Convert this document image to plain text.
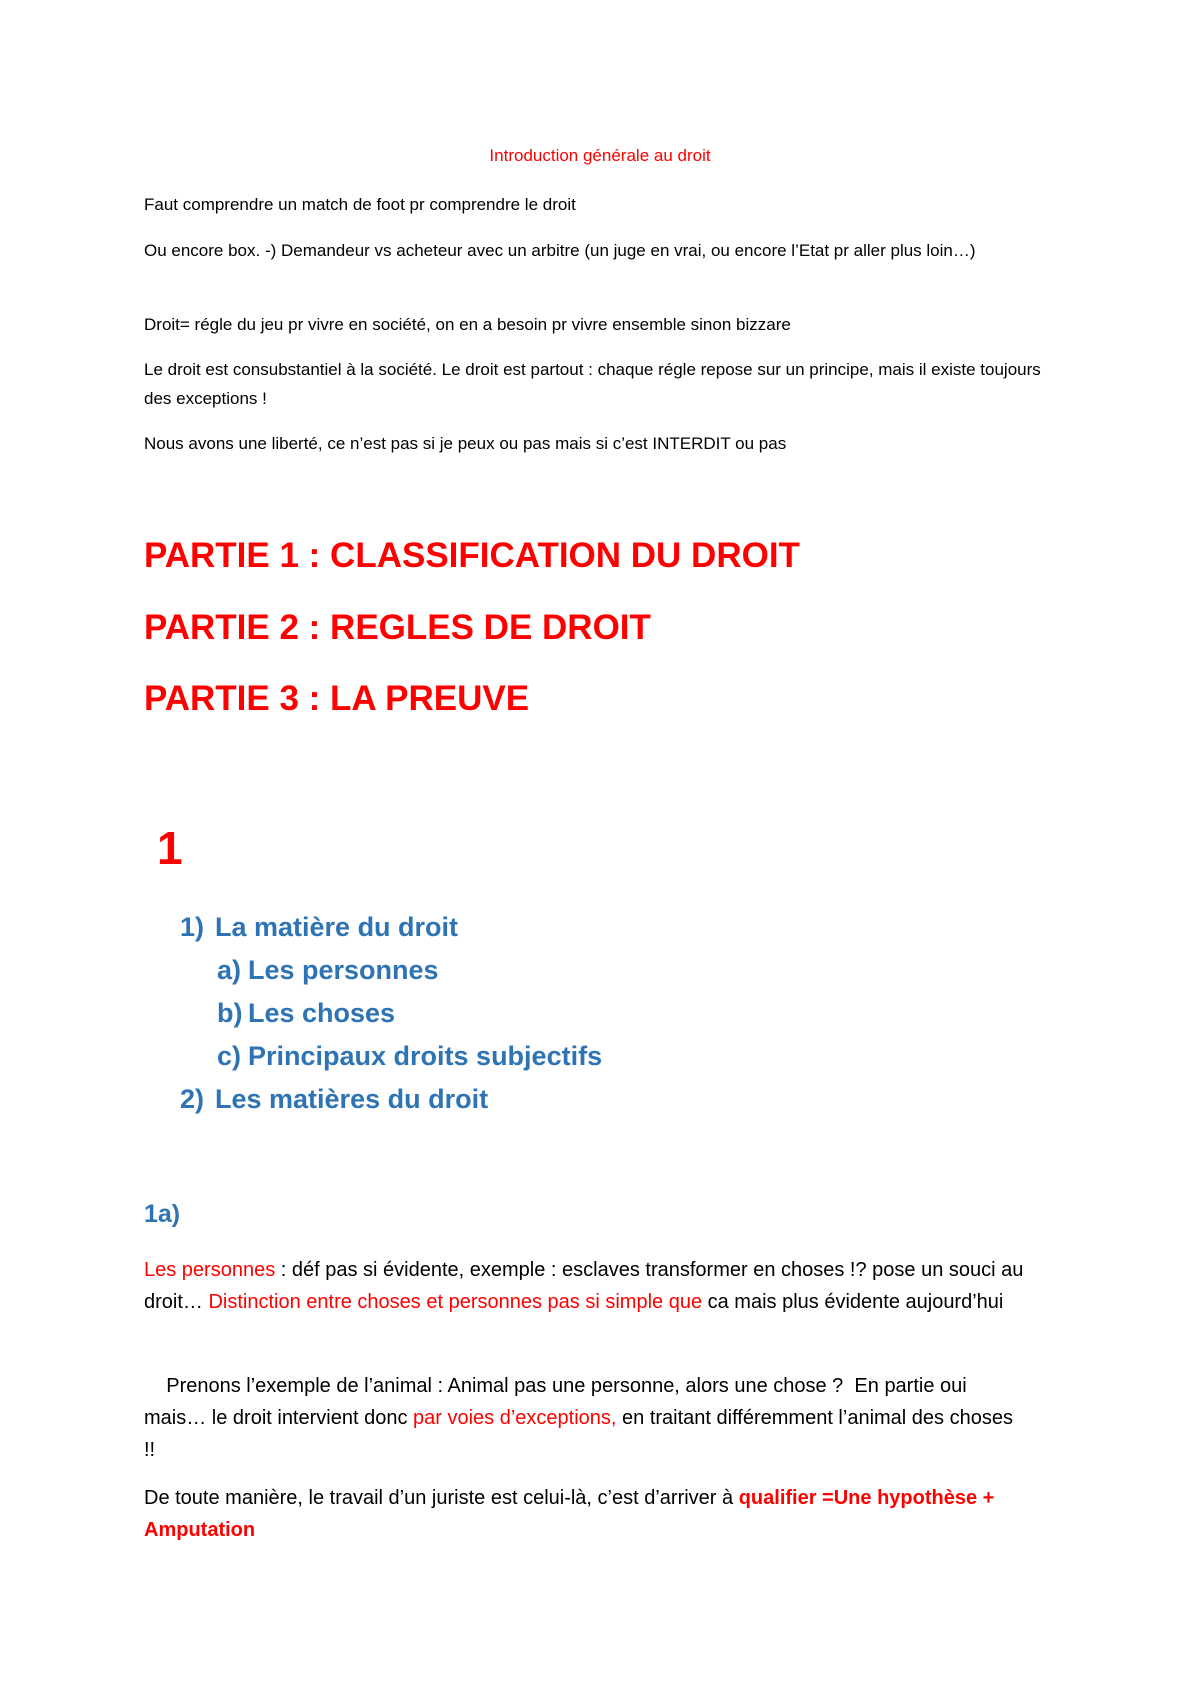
Introduction générale au droit

Faut comprendre un match de foot pr comprendre le droit

Ou encore box. -) Demandeur vs acheteur avec un arbitre (un juge en vrai, ou encore l’Etat pr aller plus loin…)

Droit= régle du jeu pr vivre en société, on en a besoin pr vivre ensemble sinon bizzare

Le droit est consubstantiel à la société. Le droit est partout : chaque régle repose sur un principe, mais il existe toujours des exceptions !

Nous avons une liberté, ce n’est pas si je peux ou pas mais si c’est INTERDIT ou pas

PARTIE 1 : CLASSIFICATION DU DROIT

PARTIE 2 : REGLES DE DROIT

PARTIE 3 : LA PREUVE

1

1) La matière du droit

a) Les personnes

b) Les choses

c) Principaux droits subjectifs

2) Les matières du droit

1a)

Les personnes : déf pas si évidente, exemple : esclaves transformer en choses !? pose un souci au droit… Distinction entre choses et personnes pas si simple que ca mais plus évidente aujourd’hui

Prenons l’exemple de l’animal : Animal pas une personne, alors une chose ?  En partie oui mais… le droit intervient donc par voies d’exceptions, en traitant différemment l’animal des choses !!

De toute manière, le travail d’un juriste est celui-là, c’est d’arriver à qualifier =Une hypothèse + Amputation
